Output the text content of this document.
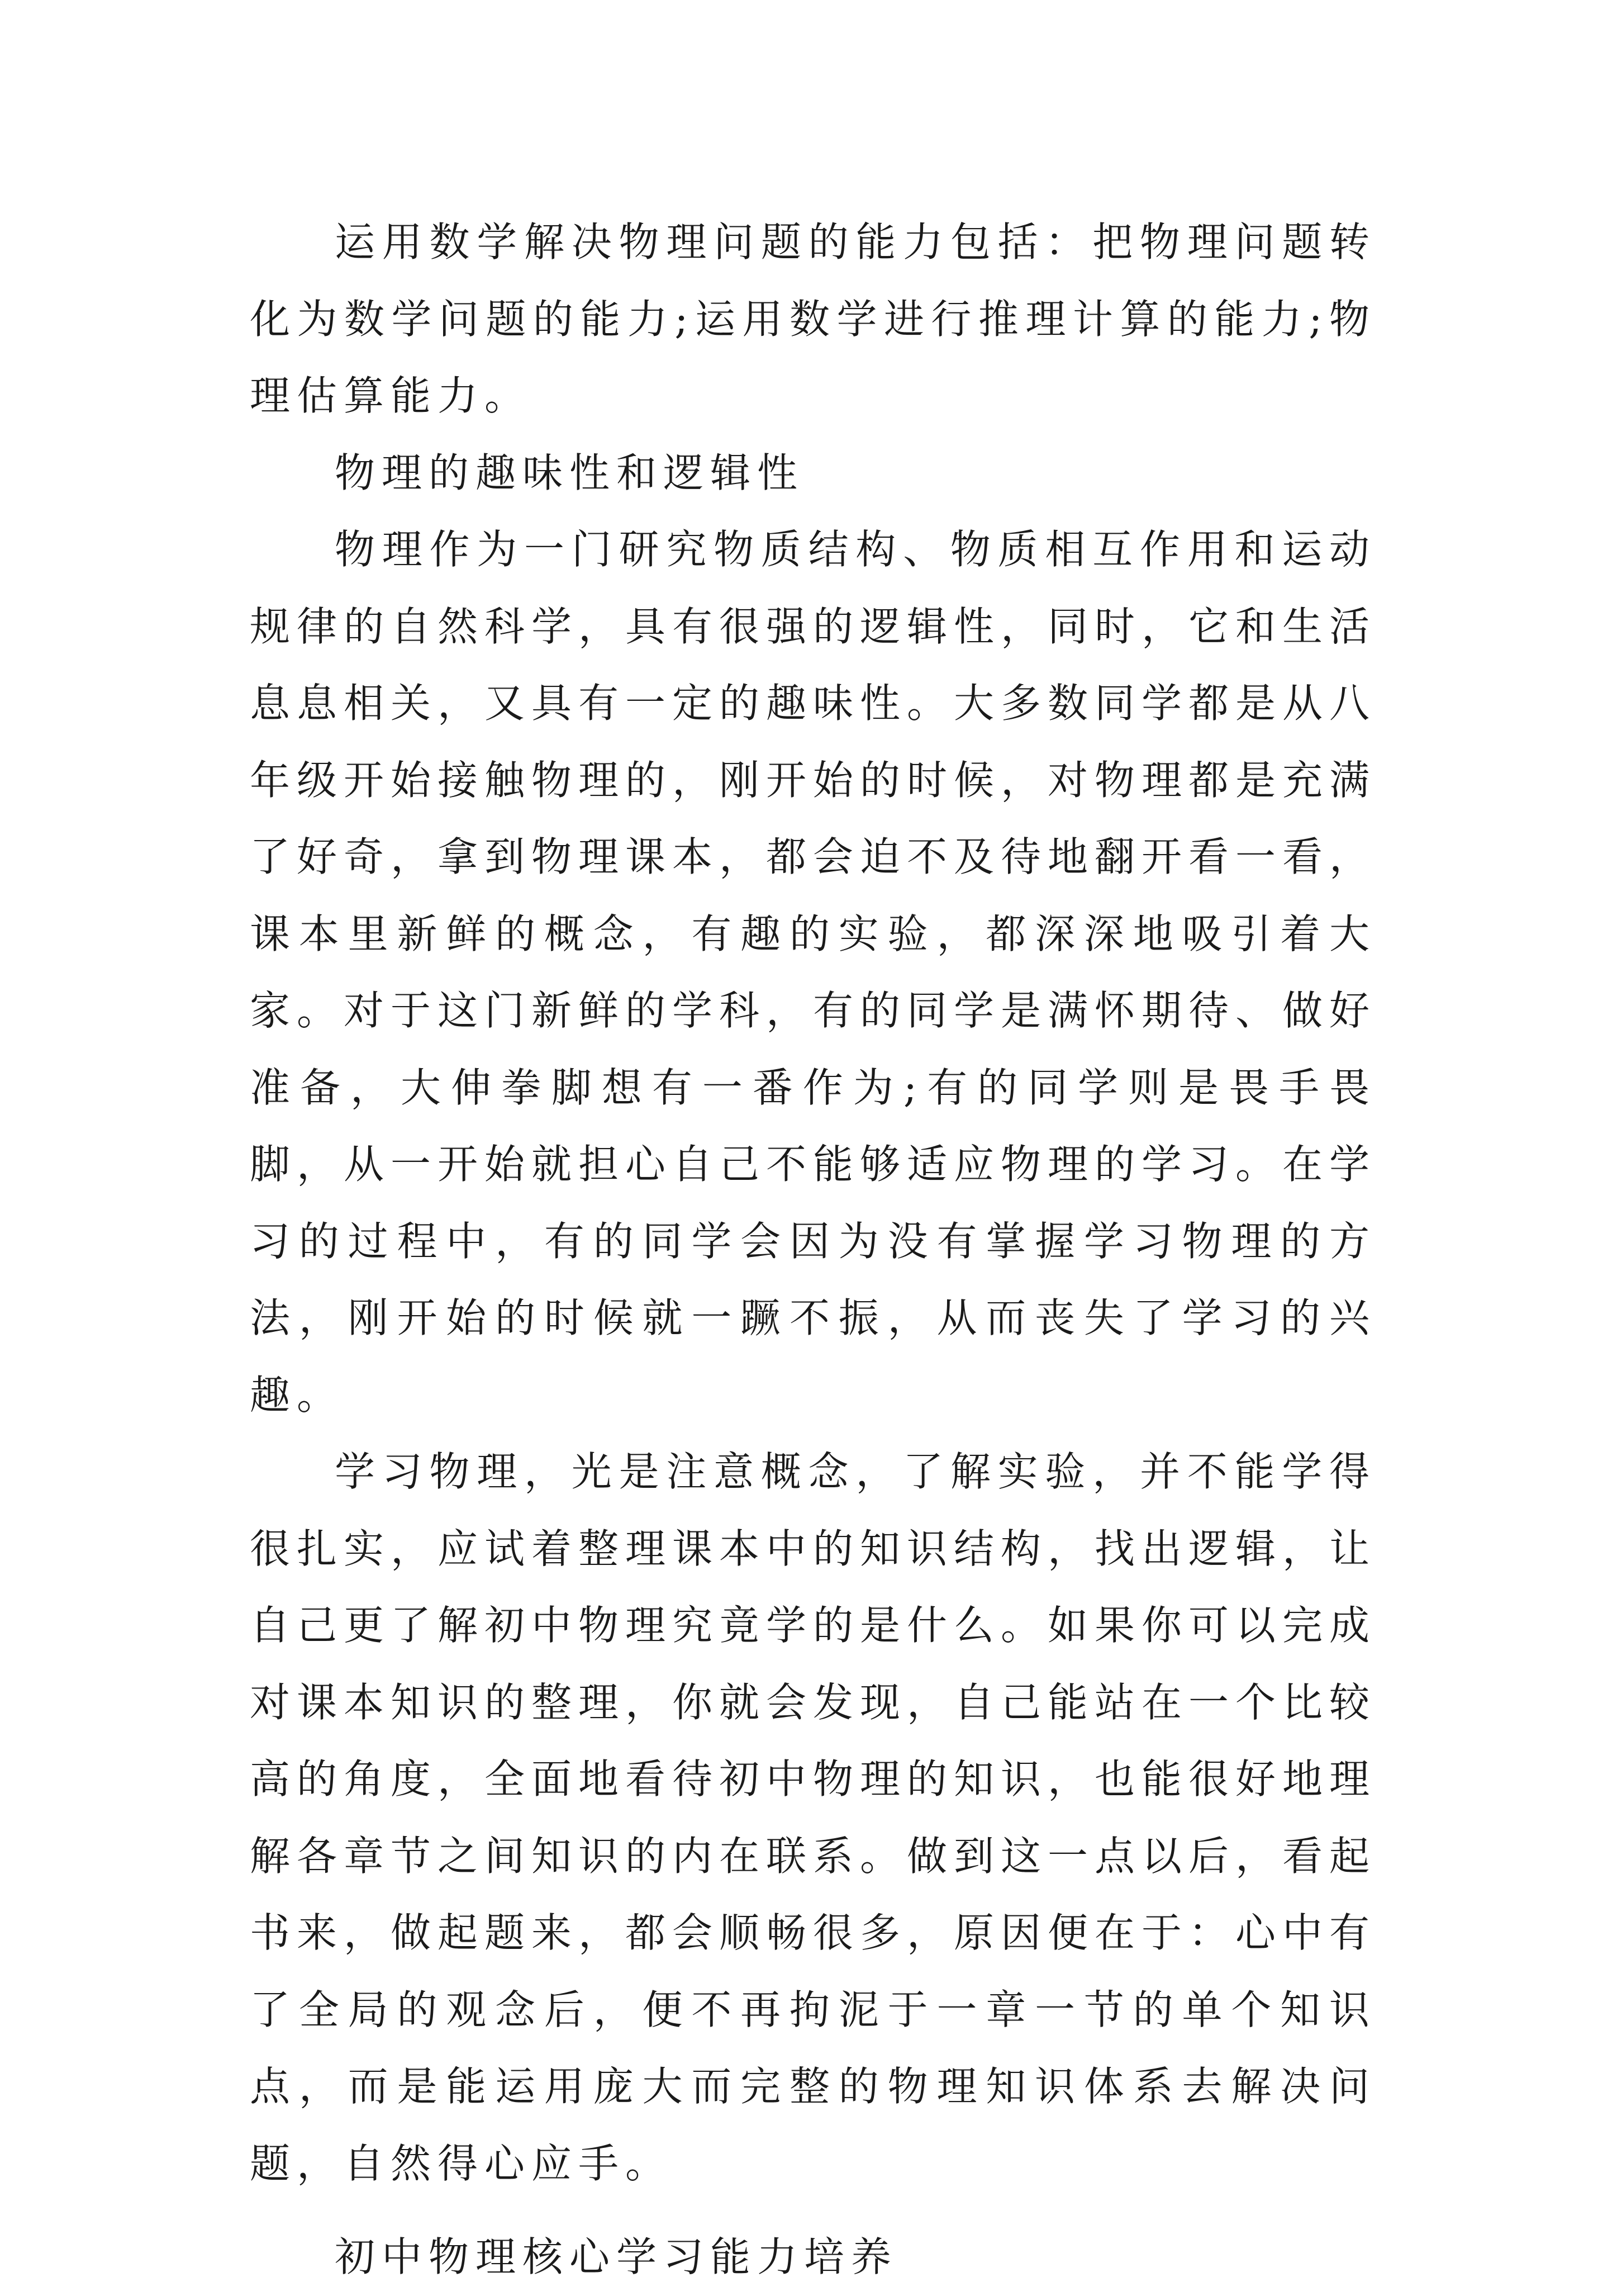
运用数学解决物理问题的能力包括：把物理问题转化为数学问题的能力;运用数学进行推理计算的能力;物理估算能力。

物理的趣味性和逻辑性

物理作为一门研究物质结构、物质相互作用和运动规律的自然科学，具有很强的逻辑性，同时，它和生活息息相关，又具有一定的趣味性。大多数同学都是从八年级开始接触物理的，刚开始的时候，对物理都是充满了好奇，拿到物理课本，都会迫不及待地翻开看一看，课本里新鲜的概念，有趣的实验，都深深地吸引着大家。对于这门新鲜的学科，有的同学是满怀期待、做好准备，大伸拳脚想有一番作为;有的同学则是畏手畏脚，从一开始就担心自己不能够适应物理的学习。在学习的过程中，有的同学会因为没有掌握学习物理的方法，刚开始的时候就一蹶不振，从而丧失了学习的兴趣。

学习物理，光是注意概念，了解实验，并不能学得很扎实，应试着整理课本中的知识结构，找出逻辑，让自己更了解初中物理究竟学的是什么。如果你可以完成对课本知识的整理，你就会发现，自己能站在一个比较高的角度，全面地看待初中物理的知识，也能很好地理解各章节之间知识的内在联系。做到这一点以后，看起书来，做起题来，都会顺畅很多，原因便在于：心中有了全局的观念后，便不再拘泥于一章一节的单个知识点，而是能运用庞大而完整的物理知识体系去解决问题，自然得心应手。

初中物理核心学习能力培养
